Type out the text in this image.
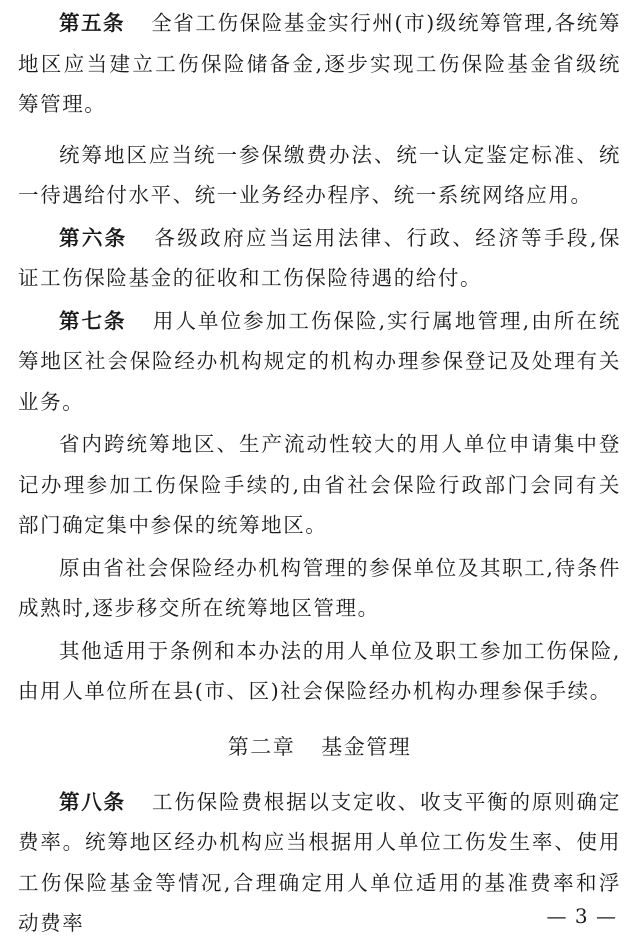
第五条 全省工伤保险基金实行州(市)级统筹管理,各统筹地区应当建立工伤保险储备金,逐步实现工伤保险基金省级统筹管理。

统筹地区应当统一参保缴费办法、统一认定鉴定标准、统一待遇给付水平、统一业务经办程序、统一系统网络应用。

第六条 各级政府应当运用法律、行政、经济等手段,保证工伤保险基金的征收和工伤保险待遇的给付。

第七条 用人单位参加工伤保险,实行属地管理,由所在统筹地区社会保险经办机构规定的机构办理参保登记及处理有关业务。

省内跨统筹地区、生产流动性较大的用人单位申请集中登记办理参加工伤保险手续的,由省社会保险行政部门会同有关部门确定集中参保的统筹地区。

原由省社会保险经办机构管理的参保单位及其职工,待条件成熟时,逐步移交所在统筹地区管理。

其他适用于条例和本办法的用人单位及职工参加工伤保险,由用人单位所在县(市、区)社会保险经办机构办理参保手续。

第二章 基金管理

第八条 工伤保险费根据以支定收、收支平衡的原则确定费率。统筹地区经办机构应当根据用人单位工伤发生率、使用工伤保险基金等情况,合理确定用人单位适用的基准费率和浮动费率	— 3 —
